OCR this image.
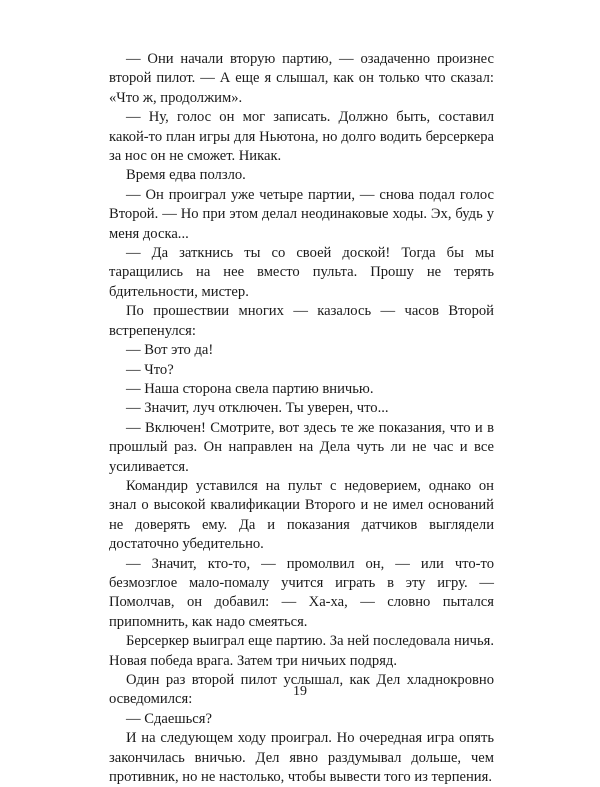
— Они начали вторую партию, — озадаченно произнес второй пилот. — А еще я слышал, как он только что сказал: «Что ж, продолжим».

— Ну, голос он мог записать. Должно быть, составил какой-то план игры для Ньютона, но долго водить берсеркера за нос он не сможет. Никак.

Время едва ползло.

— Он проиграл уже четыре партии, — снова подал голос Второй. — Но при этом делал неодинаковые ходы. Эх, будь у меня доска...

— Да заткнись ты со своей доской! Тогда бы мы таращились на нее вместо пульта. Прошу не терять бдительности, мистер.

По прошествии многих — казалось — часов Второй встрепенулся:

— Вот это да!

— Что?

— Наша сторона свела партию вничью.

— Значит, луч отключен. Ты уверен, что...

— Включен! Смотрите, вот здесь те же показания, что и в прошлый раз. Он направлен на Дела чуть ли не час и все усиливается.

Командир уставился на пульт с недоверием, однако он знал о высокой квалификации Второго и не имел оснований не доверять ему. Да и показания датчиков выглядели достаточно убедительно.

— Значит, кто-то, — промолвил он, — или что-то безмозглое мало-помалу учится играть в эту игру. — Помолчав, он добавил: — Ха-ха, — словно пытался припомнить, как надо смеяться.

Берсеркер выиграл еще партию. За ней последовала ничья. Новая победа врага. Затем три ничьих подряд.

Один раз второй пилот услышал, как Дел хладнокровно осведомился:

— Сдаешься?

И на следующем ходу проиграл. Но очередная игра опять закончилась вничью. Дел явно раздумывал дольше, чем противник, но не настолько, чтобы вывести того из терпения.

19
